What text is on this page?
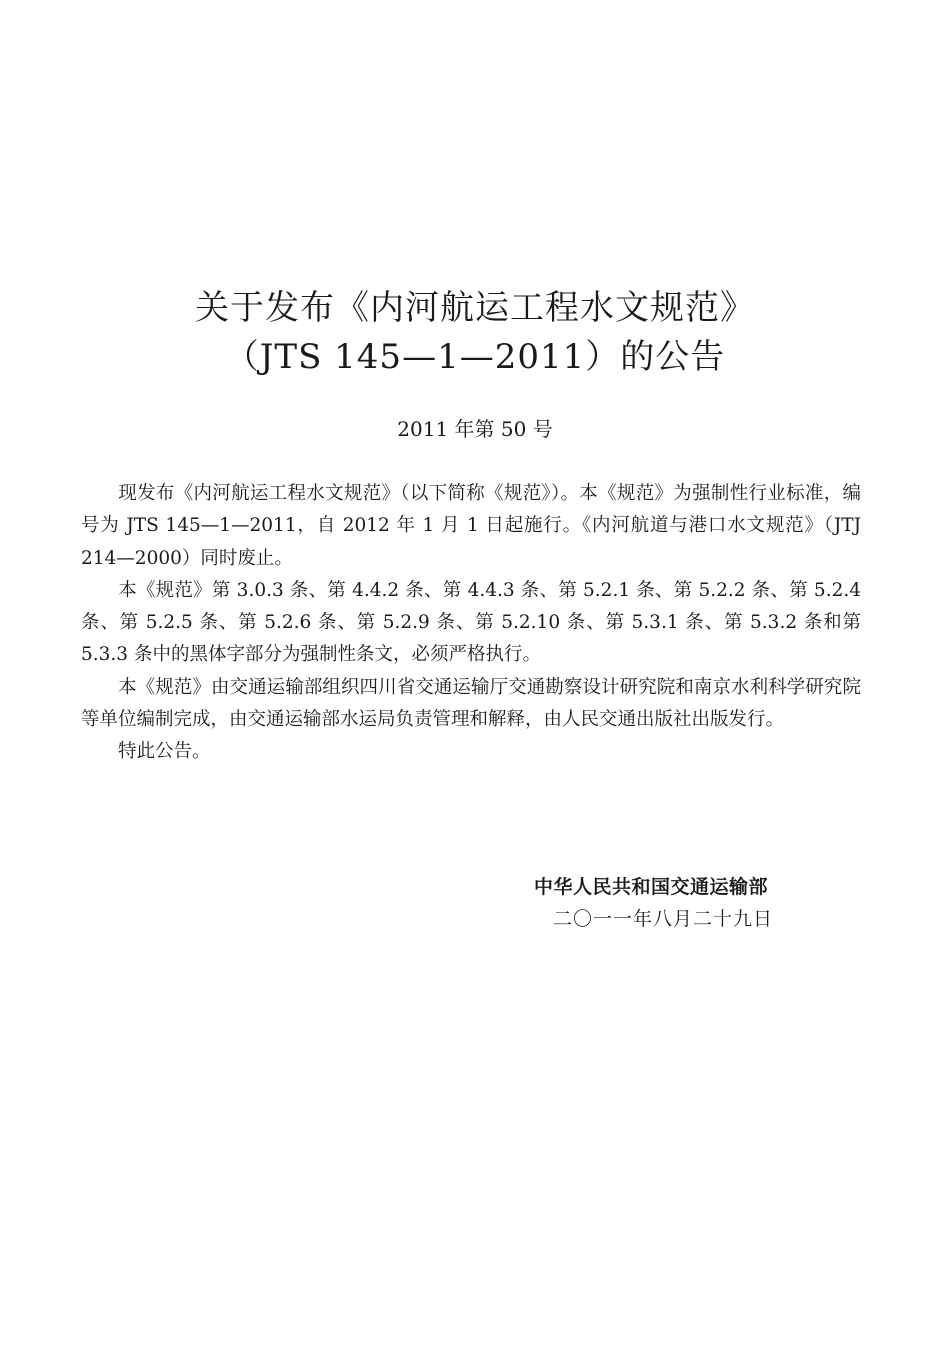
关于发布《内河航运工程水文规范》
（JTS 145—1—2011）的公告
2011 年第 50 号

现发布《内河航运工程水文规范》（以下简称《规范》）。本《规范》为强制性行业标准，编号为 JTS 145—1—2011，自 2012 年 1 月 1 日起施行。《内河航道与港口水文规范》（JTJ 214—2000）同时废止。

本《规范》第 3.0.3 条、第 4.4.2 条、第 4.4.3 条、第 5.2.1 条、第 5.2.2 条、第 5.2.4 条、第 5.2.5 条、第 5.2.6 条、第 5.2.9 条、第 5.2.10 条、第 5.3.1 条、第 5.3.2 条和第 5.3.3 条中的黑体字部分为强制性条文，必须严格执行。

本《规范》由交通运输部组织四川省交通运输厅交通勘察设计研究院和南京水利科学研究院等单位编制完成，由交通运输部水运局负责管理和解释，由人民交通出版社出版发行。

特此公告。

中华人民共和国交通运输部
二〇一一年八月二十九日
